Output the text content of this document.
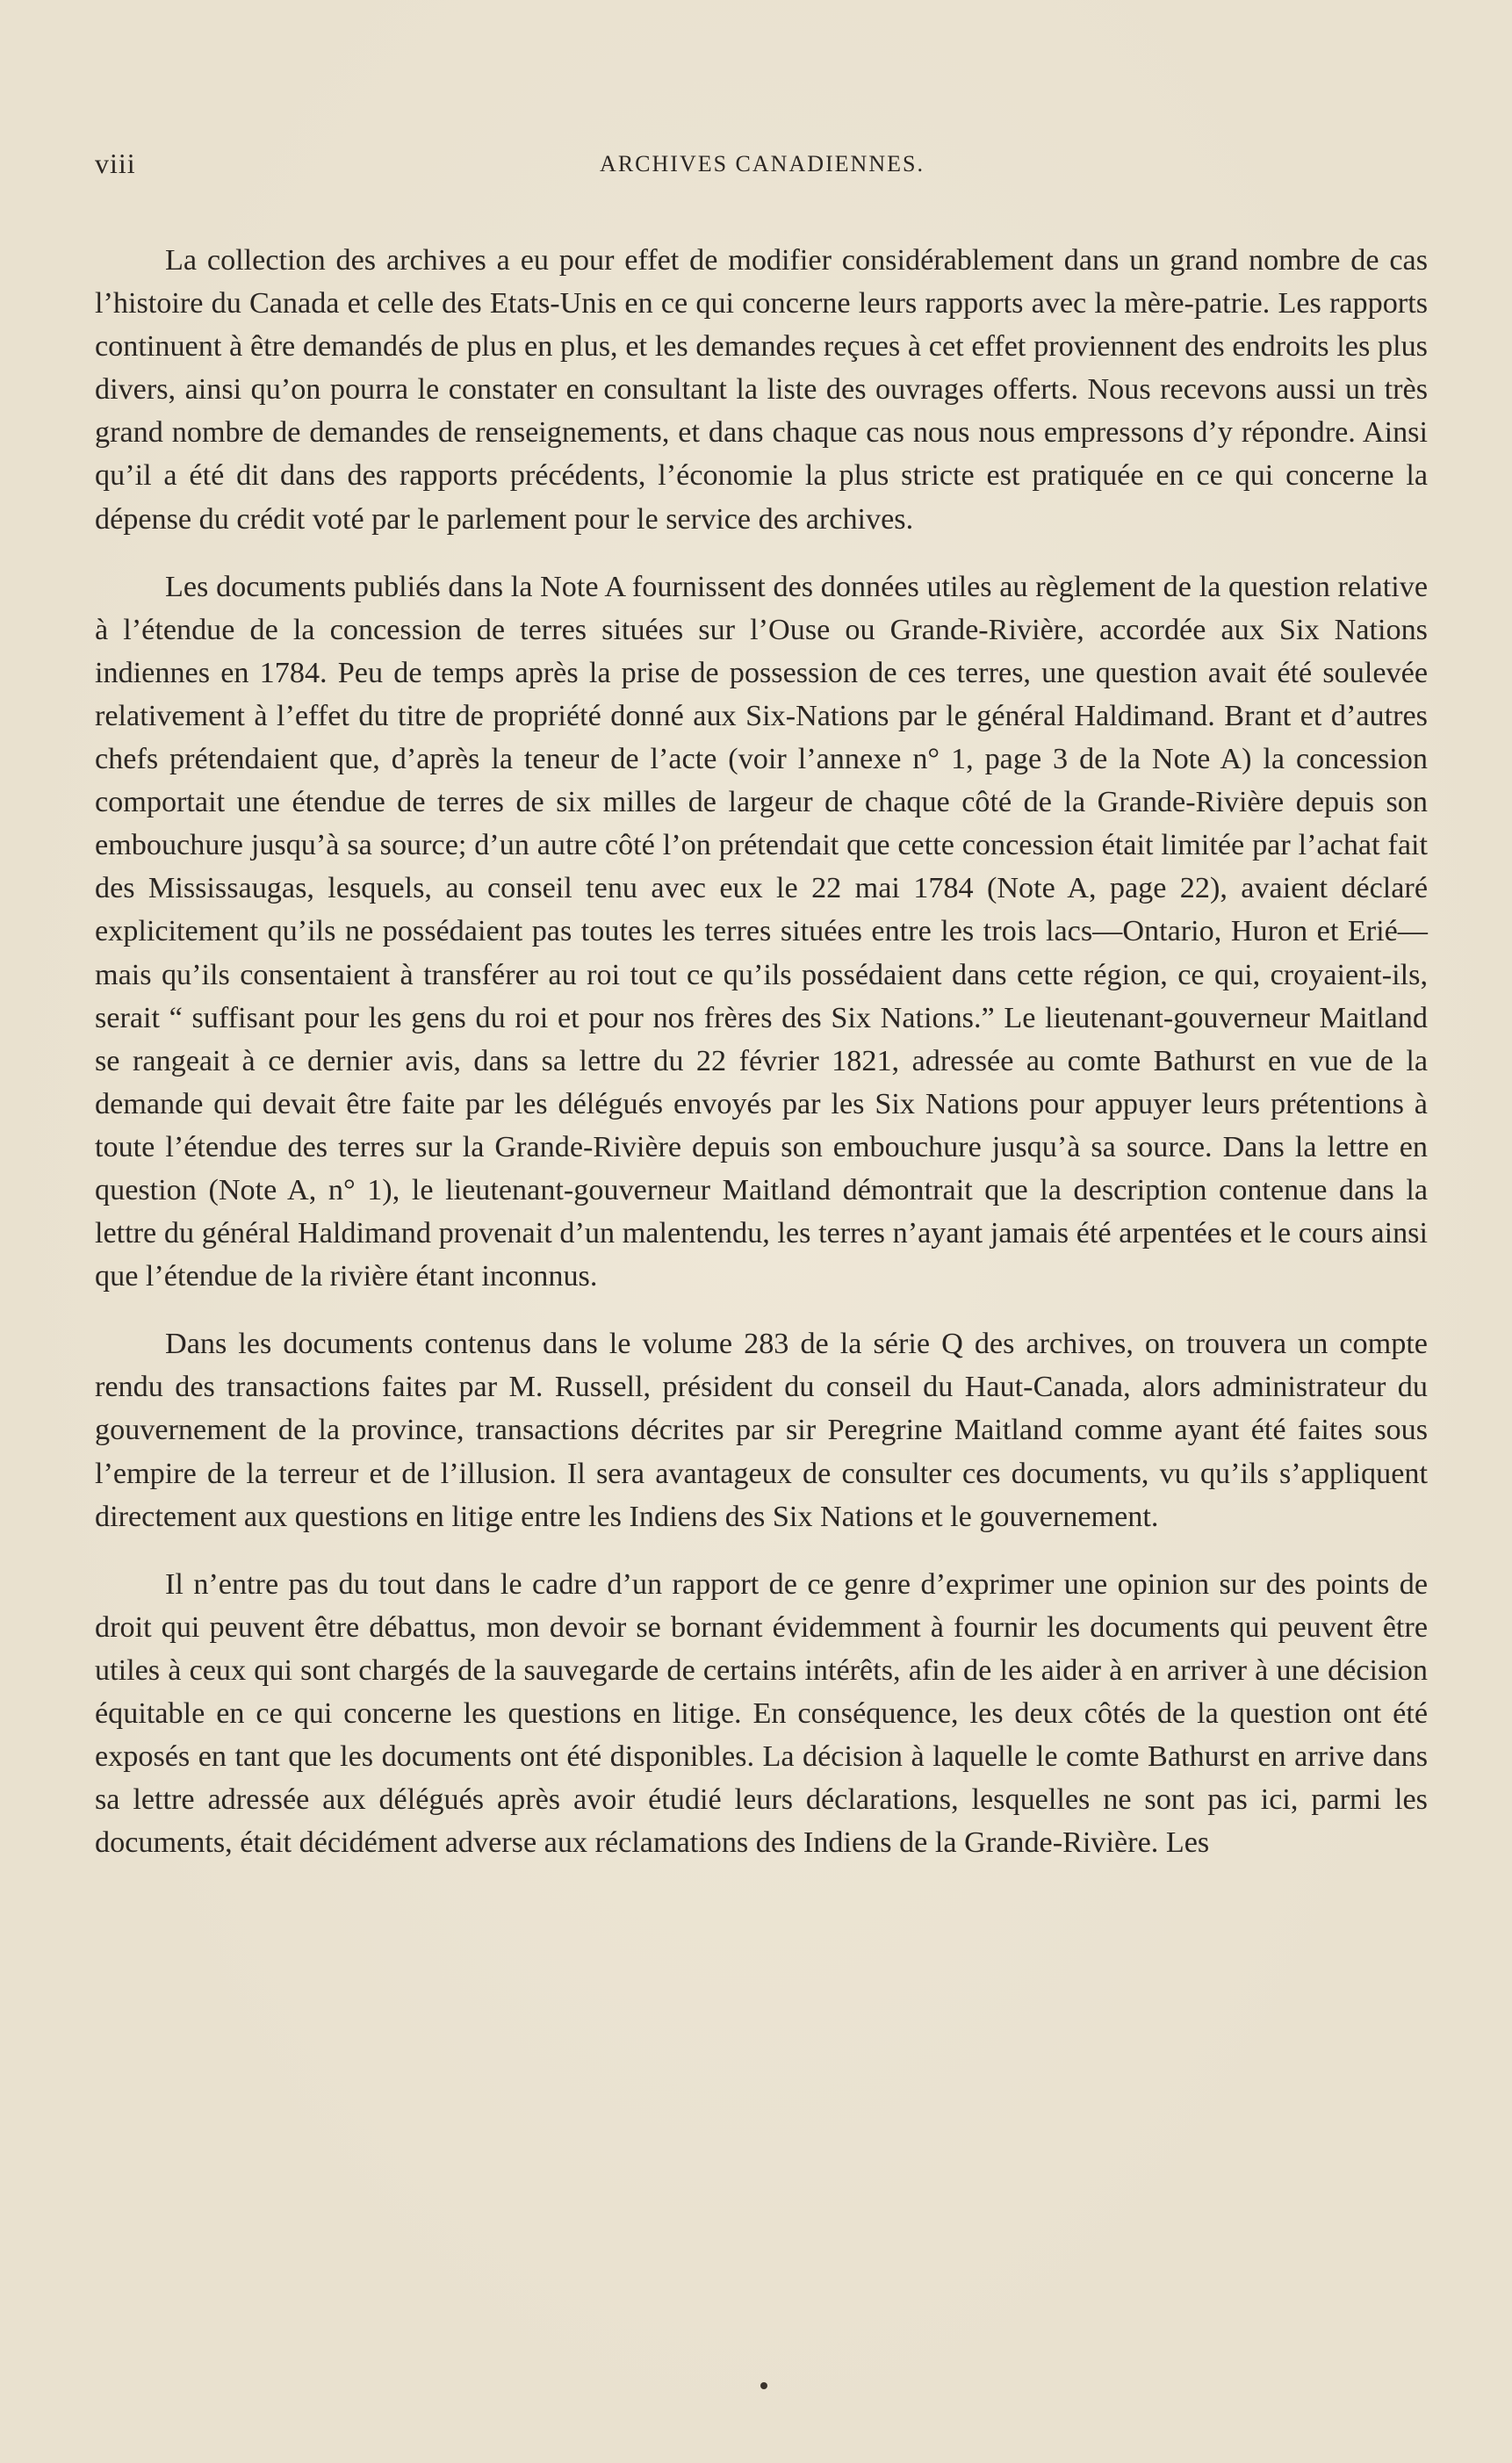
viii	ARCHIVES CANADIENNES.

La collection des archives a eu pour effet de modifier considérablement dans un grand nombre de cas l’histoire du Canada et celle des Etats-Unis en ce qui concerne leurs rapports avec la mère-patrie. Les rapports continuent à être demandés de plus en plus, et les demandes reçues à cet effet proviennent des endroits les plus divers, ainsi qu’on pourra le constater en consultant la liste des ouvrages offerts. Nous recevons aussi un très grand nombre de demandes de renseignements, et dans chaque cas nous nous empressons d’y répondre. Ainsi qu’il a été dit dans des rapports précédents, l’économie la plus stricte est pratiquée en ce qui concerne la dépense du crédit voté par le parlement pour le service des archives.

Les documents publiés dans la Note A fournissent des données utiles au règlement de la question relative à l’étendue de la concession de terres situées sur l’Ouse ou Grande-Rivière, accordée aux Six Nations indiennes en 1784. Peu de temps après la prise de possession de ces terres, une question avait été soulevée relativement à l’effet du titre de propriété donné aux Six-Nations par le général Haldimand. Brant et d’autres chefs prétendaient que, d’après la teneur de l’acte (voir l’annexe n° 1, page 3 de la Note A) la concession comportait une étendue de terres de six milles de largeur de chaque côté de la Grande-Rivière depuis son embouchure jusqu’à sa source; d’un autre côté l’on prétendait que cette concession était limitée par l’achat fait des Mississaugas, lesquels, au conseil tenu avec eux le 22 mai 1784 (Note A, page 22), avaient déclaré explicitement qu’ils ne possédaient pas toutes les terres situées entre les trois lacs—Ontario, Huron et Erié—mais qu’ils consentaient à transférer au roi tout ce qu’ils possédaient dans cette région, ce qui, croyaient-ils, serait “ suffisant pour les gens du roi et pour nos frères des Six Nations.” Le lieutenant-gouverneur Maitland se rangeait à ce dernier avis, dans sa lettre du 22 février 1821, adressée au comte Bathurst en vue de la demande qui devait être faite par les délégués envoyés par les Six Nations pour appuyer leurs prétentions à toute l’étendue des terres sur la Grande-Rivière depuis son embouchure jusqu’à sa source. Dans la lettre en question (Note A, n° 1), le lieutenant-gouverneur Maitland démontrait que la description contenue dans la lettre du général Haldimand provenait d’un malentendu, les terres n’ayant jamais été arpentées et le cours ainsi que l’étendue de la rivière étant inconnus.

Dans les documents contenus dans le volume 283 de la série Q des archives, on trouvera un compte rendu des transactions faites par M. Russell, président du conseil du Haut-Canada, alors administrateur du gouvernement de la province, transactions décrites par sir Peregrine Maitland comme ayant été faites sous l’empire de la terreur et de l’illusion. Il sera avantageux de consulter ces documents, vu qu’ils s’appliquent directement aux questions en litige entre les Indiens des Six Nations et le gouvernement.

Il n’entre pas du tout dans le cadre d’un rapport de ce genre d’exprimer une opinion sur des points de droit qui peuvent être débattus, mon devoir se bornant évidemment à fournir les documents qui peuvent être utiles à ceux qui sont chargés de la sauvegarde de certains intérêts, afin de les aider à en arriver à une décision équitable en ce qui concerne les questions en litige. En conséquence, les deux côtés de la question ont été exposés en tant que les documents ont été disponibles. La décision à laquelle le comte Bathurst en arrive dans sa lettre adressée aux délégués après avoir étudié leurs déclarations, lesquelles ne sont pas ici, parmi les documents, était décidément adverse aux réclamations des Indiens de la Grande-Rivière. Les
